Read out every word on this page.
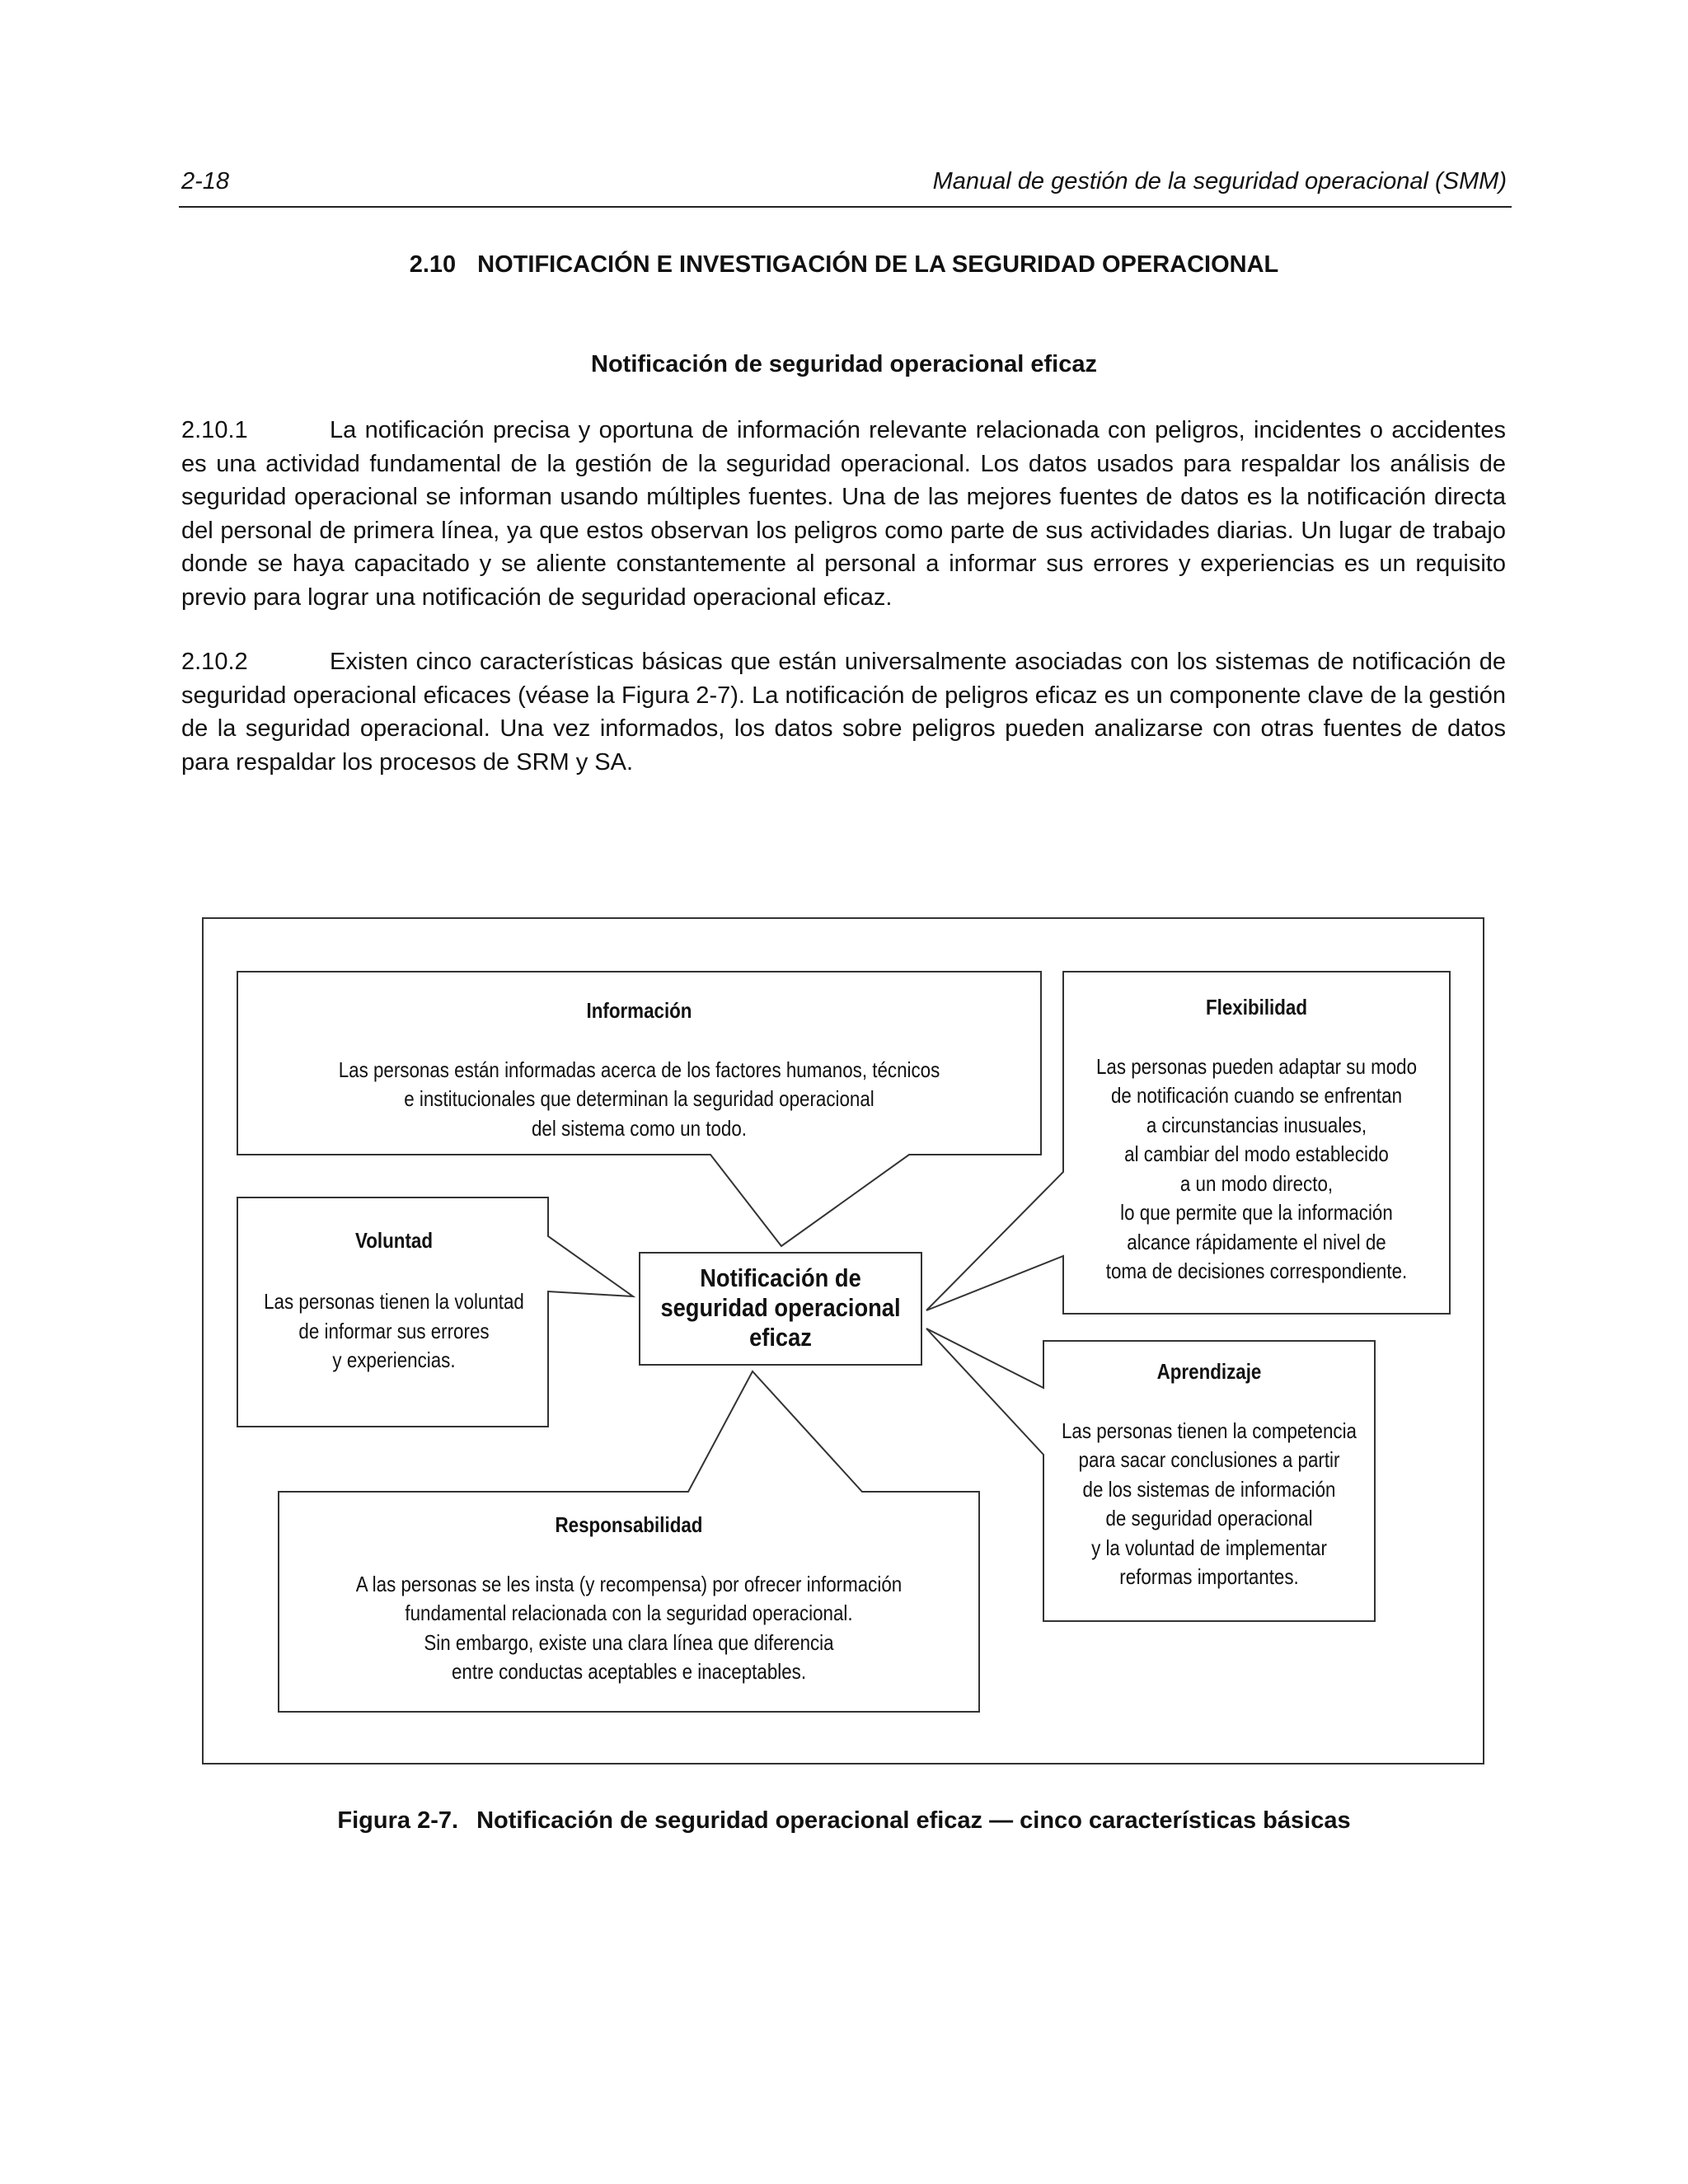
2-18	Manual de gestión de la seguridad operacional (SMM)
2.10 NOTIFICACIÓN E INVESTIGACIÓN DE LA SEGURIDAD OPERACIONAL
Notificación de seguridad operacional eficaz

2.10.1	La notificación precisa y oportuna de información relevante relacionada con peligros, incidentes o accidentes es una actividad fundamental de la gestión de la seguridad operacional. Los datos usados para respaldar los análisis de seguridad operacional se informan usando múltiples fuentes. Una de las mejores fuentes de datos es la notificación directa del personal de primera línea, ya que estos observan los peligros como parte de sus actividades diarias. Un lugar de trabajo donde se haya capacitado y se aliente constantemente al personal a informar sus errores y experiencias es un requisito previo para lograr una notificación de seguridad operacional eficaz.

2.10.2	Existen cinco características básicas que están universalmente asociadas con los sistemas de notificación de seguridad operacional eficaces (véase la Figura 2-7). La notificación de peligros eficaz es un componente clave de la gestión de la seguridad operacional. Una vez informados, los datos sobre peligros pueden analizarse con otras fuentes de datos para respaldar los procesos de SRM y SA.

Notificación de
seguridad operacional
eficaz
Información
Las personas están informadas acerca de los factores humanos, técnicos
e institucionales que determinan la seguridad operacional
del sistema como un todo.
Flexibilidad
Las personas pueden adaptar su modo
de notificación cuando se enfrentan
a circunstancias inusuales,
al cambiar del modo establecido
a un modo directo,
lo que permite que la información
alcance rápidamente el nivel de
toma de decisiones correspondiente.
Voluntad
Las personas tienen la voluntad
de informar sus errores
y experiencias.	Aprendizaje
Las personas tienen la competencia
para sacar conclusiones a partir
de los sistemas de información
de seguridad operacional
y la voluntad de implementar
reformas importantes.
Responsabilidad
A las personas se les insta (y recompensa) por ofrecer información
fundamental relacionada con la seguridad operacional.
Sin embargo, existe una clara línea que diferencia
entre conductas aceptables e inaceptables.
Figura 2-7. Notificación de seguridad operacional eficaz — cinco características básicas
